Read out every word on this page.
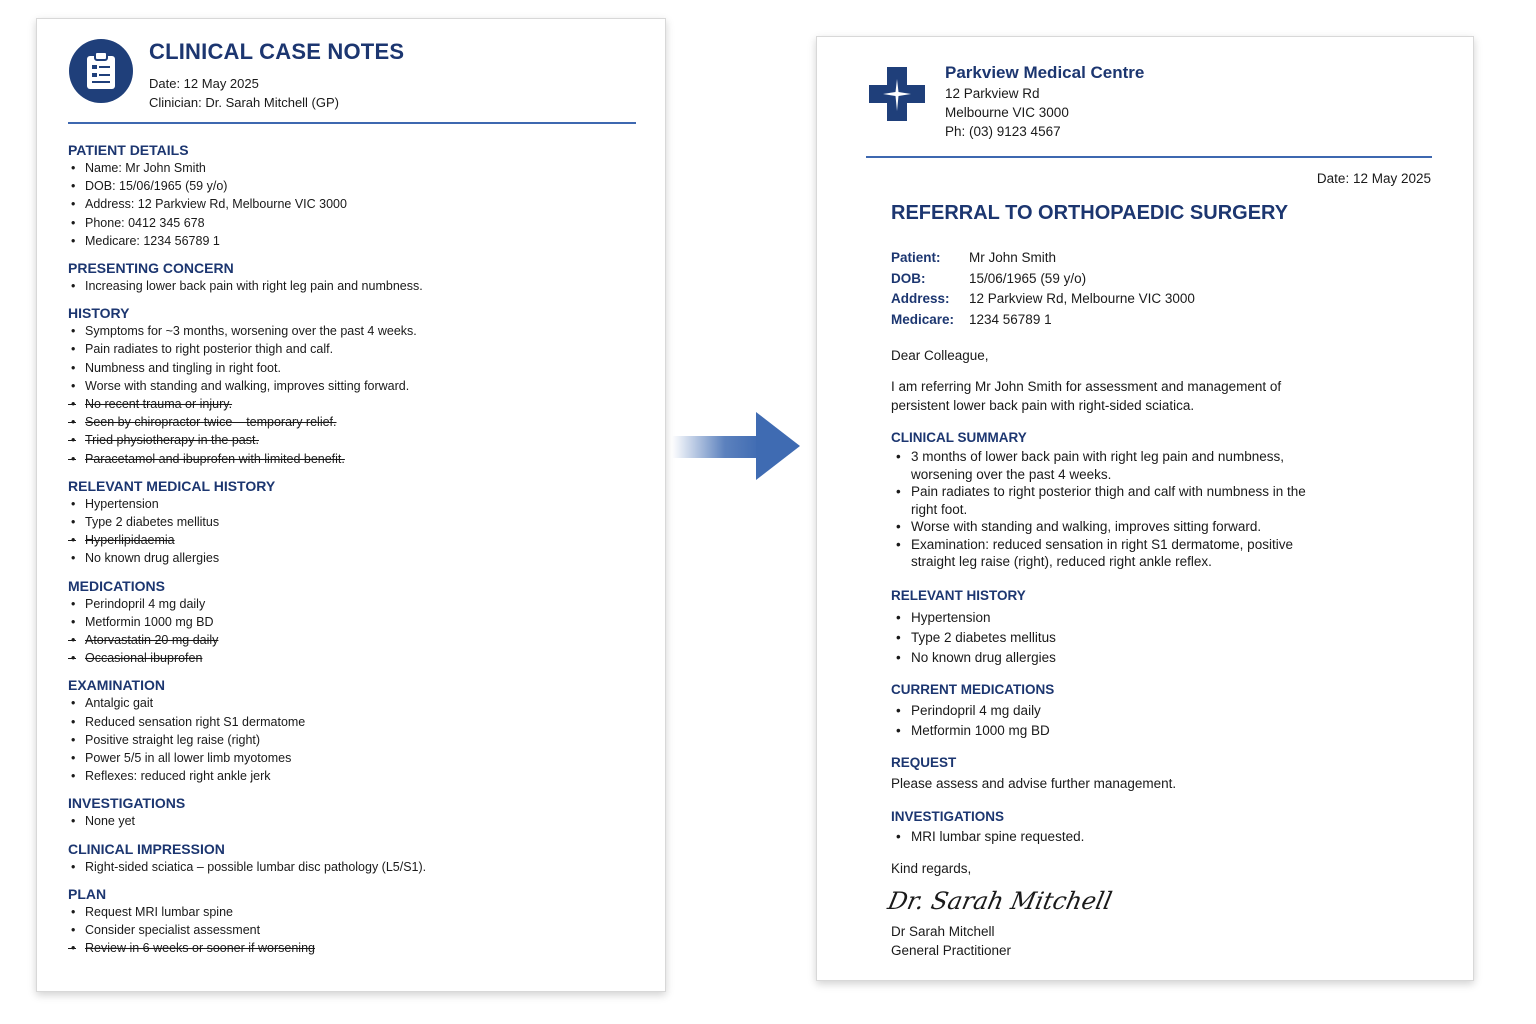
CLINICAL CASE NOTES
Date: 12 May 2025
Clinician: Dr. Sarah Mitchell (GP)
PATIENT DETAILS
• Name: Mr John Smith
• DOB: 15/06/1965 (59 y/o)
• Address: 12 Parkview Rd, Melbourne VIC 3000
• Phone: 0412 345 678
• Medicare: 1234 56789 1
PRESENTING CONCERN
• Increasing lower back pain with right leg pain and numbness.
HISTORY
• Symptoms for ~3 months, worsening over the past 4 weeks.
• Pain radiates to right posterior thigh and calf.
• Numbness and tingling in right foot.
• Worse with standing and walking, improves sitting forward.
• No recent trauma or injury.
• Seen by chiropractor twice – temporary relief.
• Tried physiotherapy in the past.
• Paracetamol and ibuprofen with limited benefit.
RELEVANT MEDICAL HISTORY
• Hypertension
• Type 2 diabetes mellitus
• Hyperlipidaemia
• No known drug allergies
MEDICATIONS
• Perindopril 4 mg daily
• Metformin 1000 mg BD
• Atorvastatin 20 mg daily
• Occasional ibuprofen
EXAMINATION
• Antalgic gait
• Reduced sensation right S1 dermatome
• Positive straight leg raise (right)
• Power 5/5 in all lower limb myotomes
• Reflexes: reduced right ankle jerk
INVESTIGATIONS
• None yet
CLINICAL IMPRESSION
• Right-sided sciatica – possible lumbar disc pathology (L5/S1).
PLAN
• Request MRI lumbar spine
• Consider specialist assessment
• Review in 6 weeks or sooner if worsening
Parkview Medical Centre
12 Parkview Rd
Melbourne VIC 3000
Ph: (03) 9123 4567
Date: 12 May 2025
REFERRAL TO ORTHOPAEDIC SURGERY
Patient:	Mr John Smith
DOB:	15/06/1965 (59 y/o)
Address:	12 Parkview Rd, Melbourne VIC 3000
Medicare:	1234 56789 1
Dear Colleague,
I am referring Mr John Smith for assessment and management of persistent lower back pain with right-sided sciatica.
CLINICAL SUMMARY
• 3 months of lower back pain with right leg pain and numbness, worsening over the past 4 weeks.
• Pain radiates to right posterior thigh and calf with numbness in the right foot.
• Worse with standing and walking, improves sitting forward.
• Examination: reduced sensation in right S1 dermatome, positive straight leg raise (right), reduced right ankle reflex.
RELEVANT HISTORY
• Hypertension
• Type 2 diabetes mellitus
• No known drug allergies
CURRENT MEDICATIONS
• Perindopril 4 mg daily
• Metformin 1000 mg BD
REQUEST
Please assess and advise further management.
INVESTIGATIONS
• MRI lumbar spine requested.
Kind regards,
Dr. Sarah Mitchell
Dr Sarah Mitchell
General Practitioner
